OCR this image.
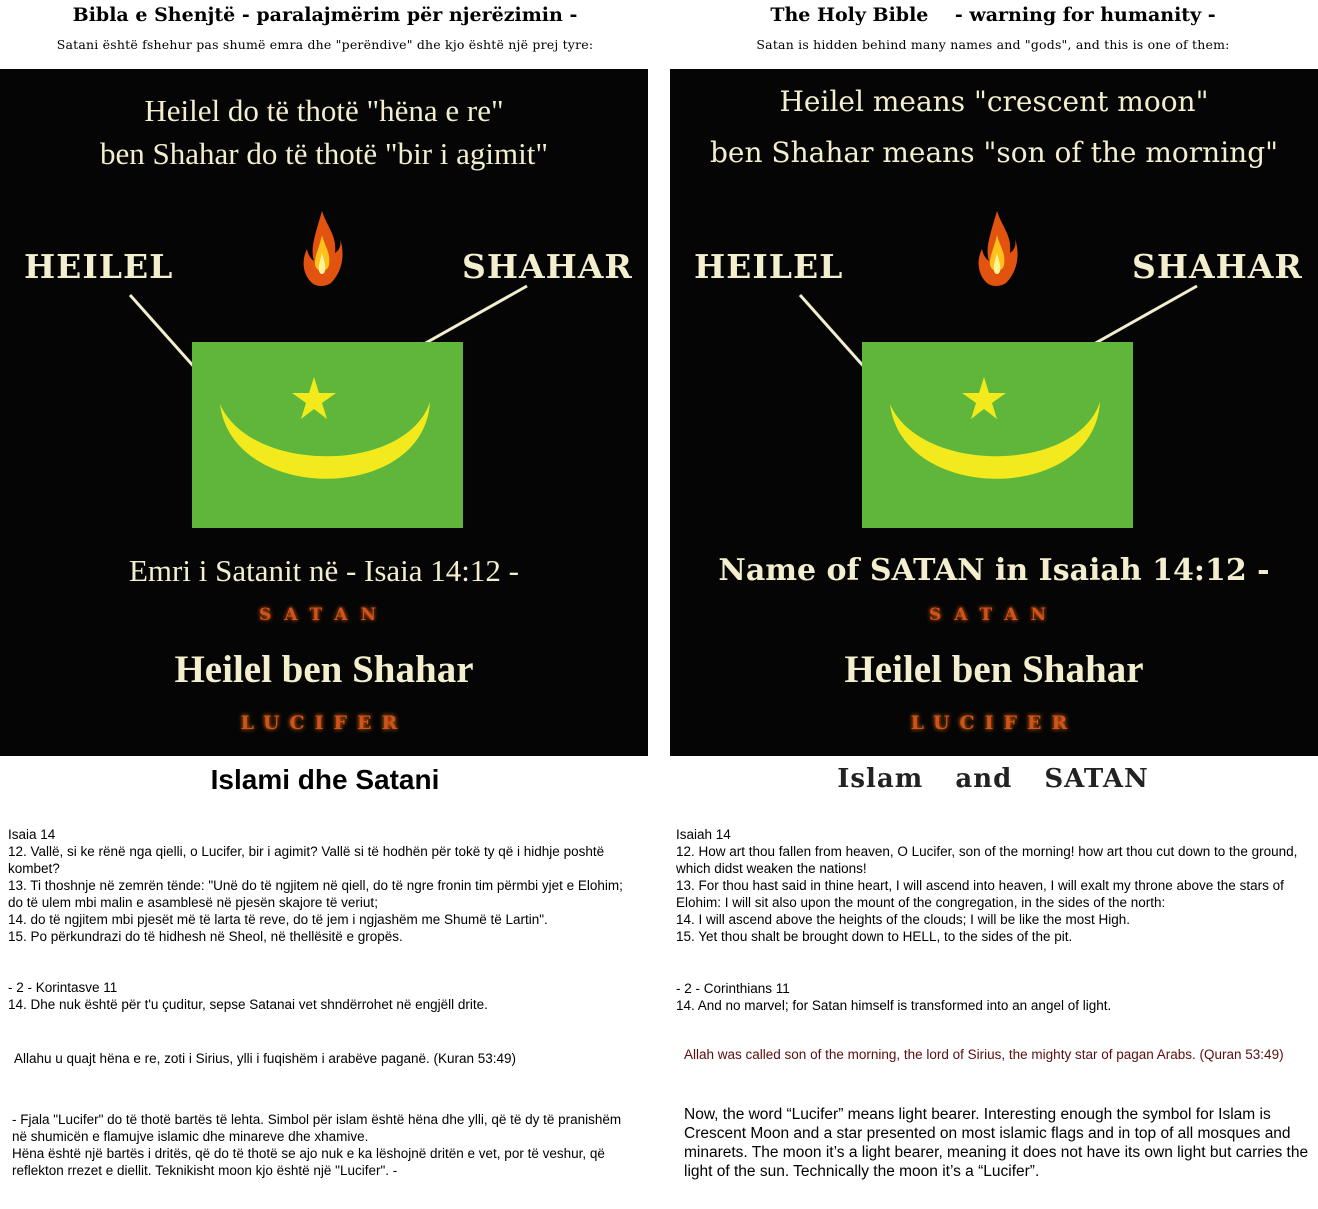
Bibla e Shenjtë - paralajmërim për njerëzimin -
Satani është fshehur pas shumë emra dhe "perëndive" dhe kjo është një prej tyre:
Heilel do të thotë "hëna e re"
ben Shahar do të thotë "bir i agimit"
HEILEL	SHAHAR
Emri i Satanit në - Isaia 14:12 -
SATAN
Heilel ben Shahar
LUCIFER
Islami dhe Satani

Isaia 14

12. Vallë, si ke rënë nga qielli, o Lucifer, bir i agimit? Vallë si të hodhën për tokë ty që i hidhje poshtë kombet?

13. Ti thoshnje në zemrën tënde: "Unë do të ngjitem në qiell, do të ngre fronin tim përmbi yjet e Elohim; do të ulem mbi malin e asamblesë në pjesën skajore të veriut;

14. do të ngjitem mbi pjesët më të larta të reve, do të jem i ngjashëm me Shumë të Lartin".

15. Po përkundrazi do të hidhesh në Sheol, në thellësitë e gropës.

- 2 - Korintasve 11

14. Dhe nuk është për t'u çuditur, sepse Satanai vet shndërrohet në engjëll drite.

Allahu u quajt hëna e re, zoti i Sirius, ylli i fuqishëm i arabëve paganë. (Kuran 53:49)
- Fjala "Lucifer" do të thotë bartës të lehta. Simbol për islam është hëna dhe ylli, që të dy të pranishëm në shumicën e flamujve islamic dhe minareve dhe xhamive.
Hëna është një bartës i dritës, që do të thotë se ajo nuk e ka lëshojnë dritën e vet, por të veshur, që reflekton rrezet e diellit. Teknikisht moon kjo është një "Lucifer". -
The Holy Bible    - warning for humanity -
Satan is hidden behind many names and "gods", and this is one of them:
Heilel means "crescent moon"
ben Shahar means "son of the morning"
HEILEL	SHAHAR
Name of SATAN in Isaiah 14:12 -
SATAN
Heilel ben Shahar
LUCIFER
Islam  and  SATAN

Isaiah 14

12. How art thou fallen from heaven, O Lucifer, son of the morning! how art thou cut down to the ground, which didst weaken the nations!

13. For thou hast said in thine heart, I will ascend into heaven, I will exalt my throne above the stars of Elohim: I will sit also upon the mount of the congregation, in the sides of the north:

14. I will ascend above the heights of the clouds; I will be like the most High.

15. Yet thou shalt be brought down to HELL, to the sides of the pit.

- 2 - Corinthians 11

14. And no marvel; for Satan himself is transformed into an angel of light.

Allah was called son of the morning, the lord of Sirius, the mighty star of pagan Arabs. (Quran 53:49)
Now, the word “Lucifer” means light bearer. Interesting enough the symbol for Islam is Crescent Moon and a star presented on most islamic flags and in top of all mosques and minarets. The moon it’s a light bearer, meaning it does not have its own light but carries the light of the sun. Technically the moon it’s a “Lucifer”.
